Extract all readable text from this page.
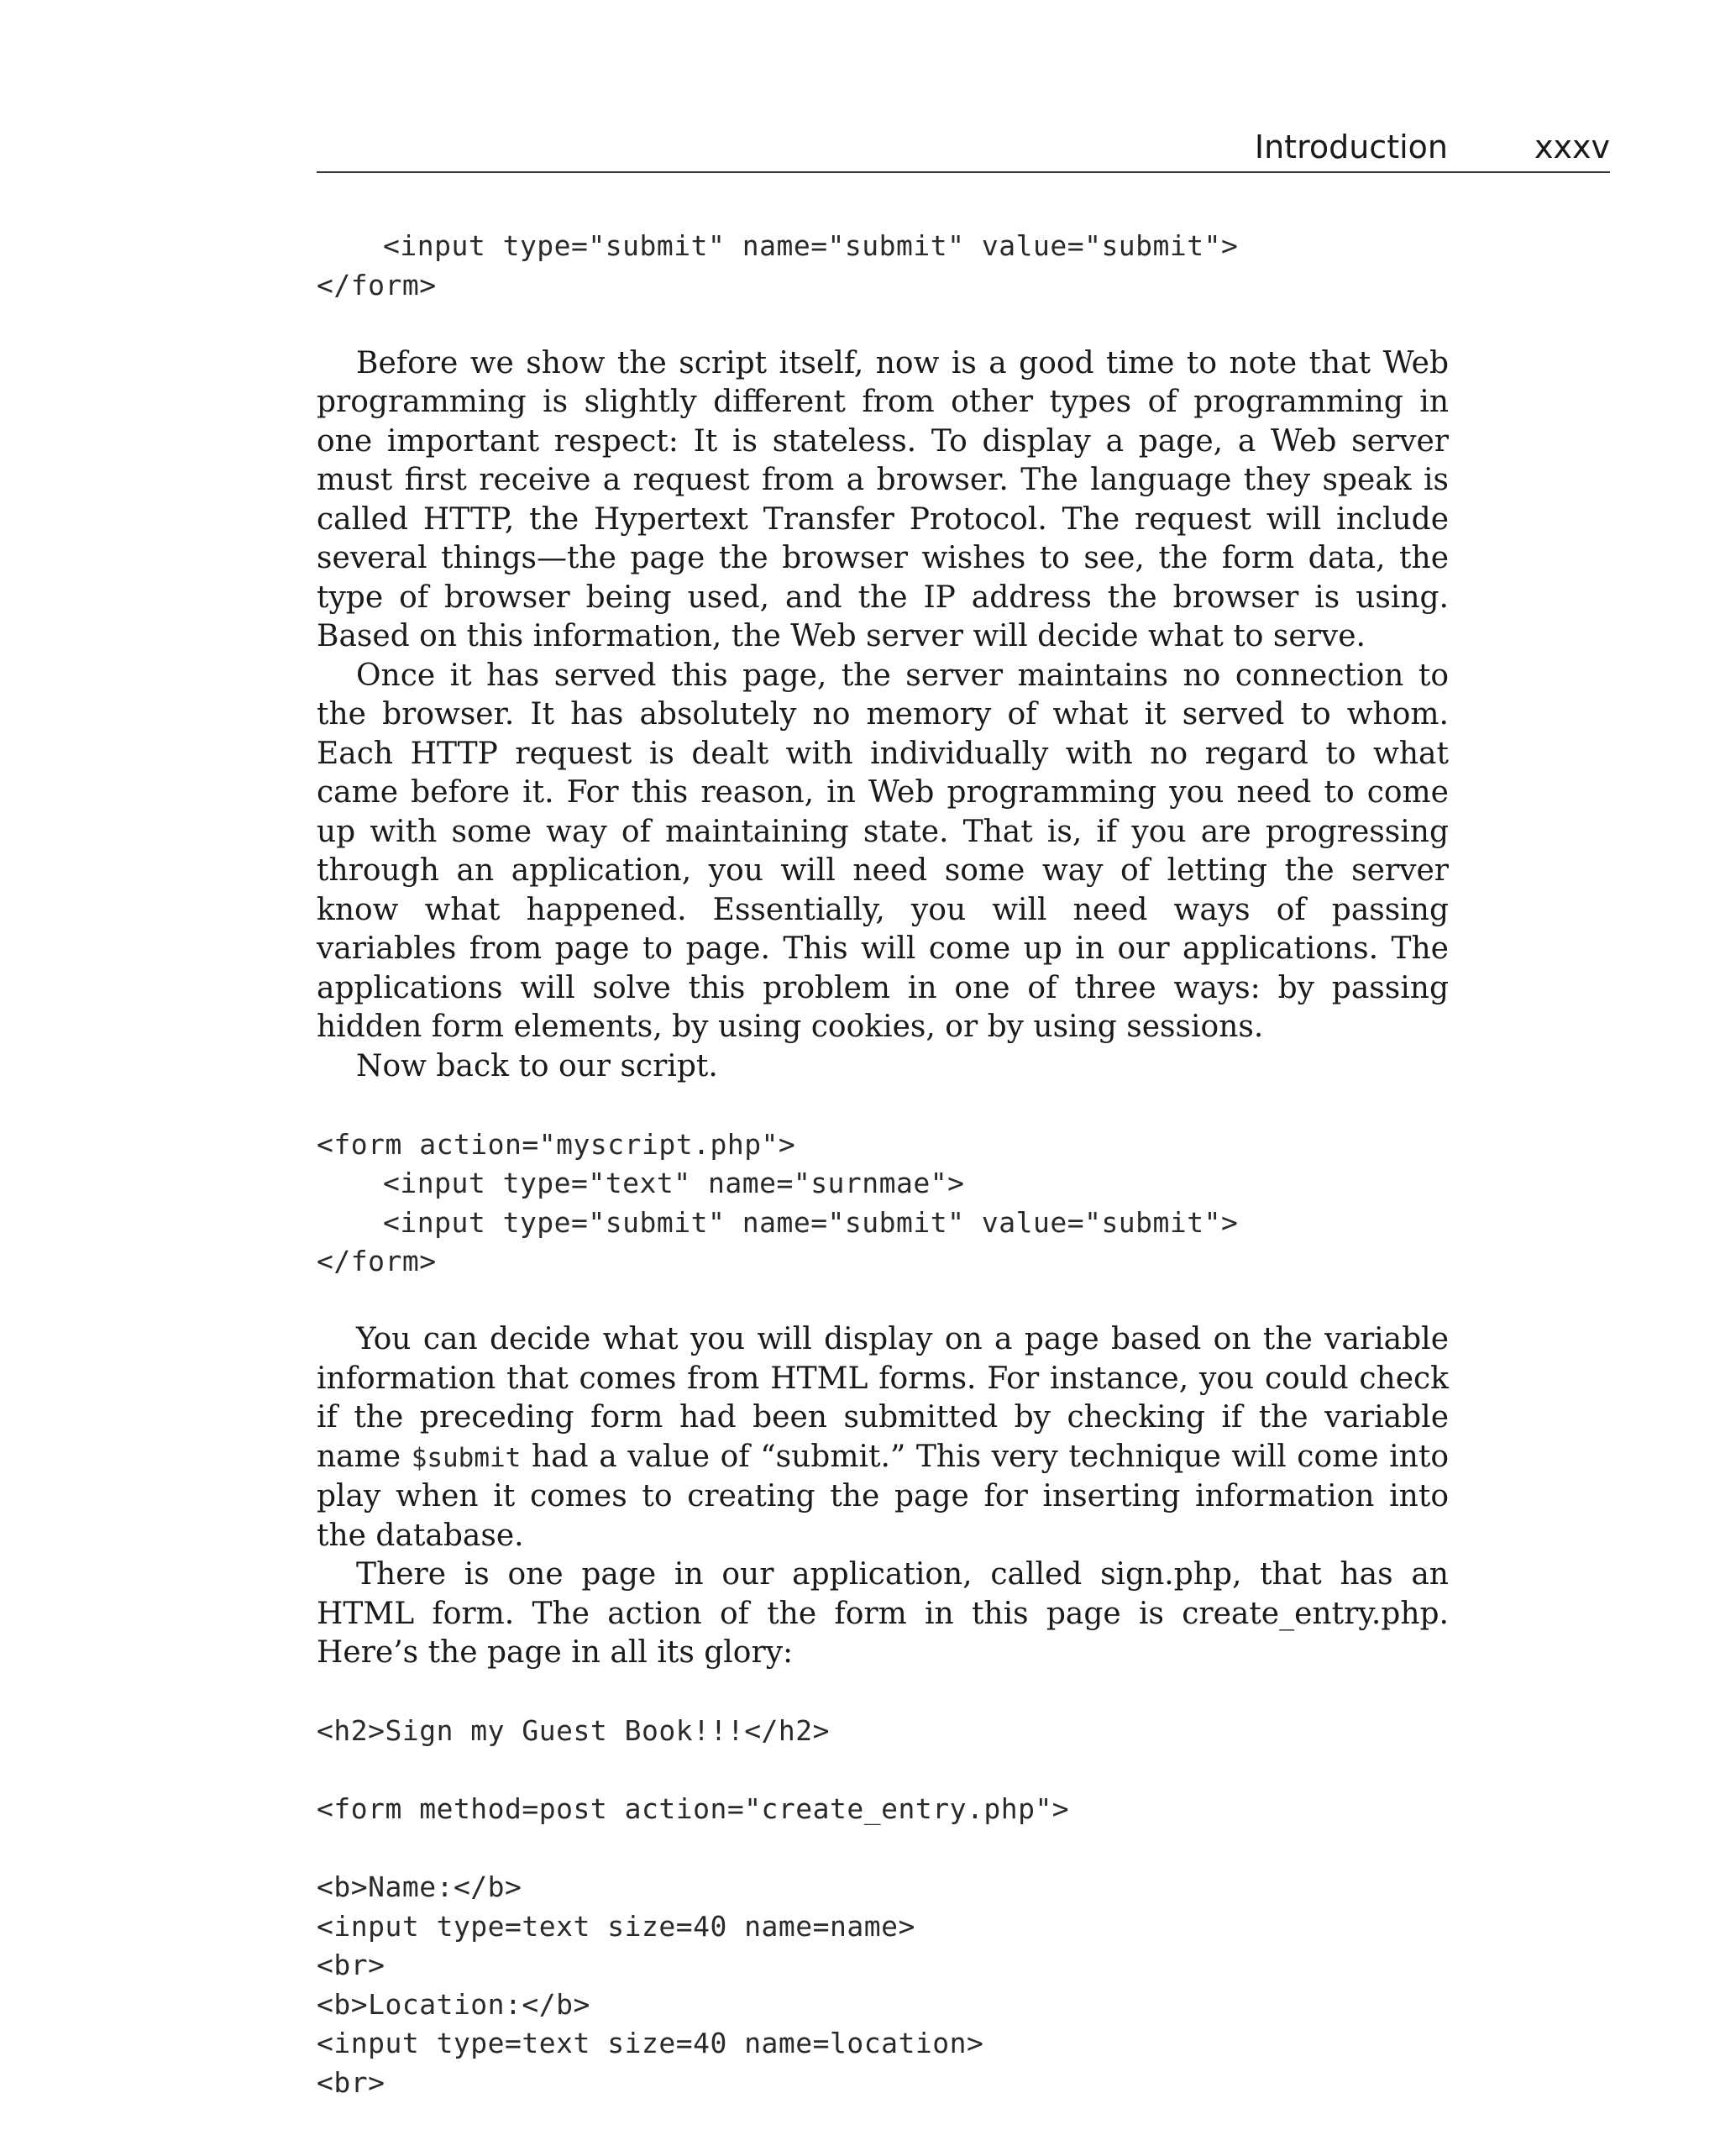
Introduction	xxxv
<input type="submit" name="submit" value="submit">
</form>

Before we show the script itself, now is a good time to note that Web programming is slightly different from other types of programming in one important respect: It is stateless. To display a page, a Web server must first receive a request from a browser. The language they speak is called HTTP, the Hypertext Transfer Protocol. The request will include several things—the page the browser wishes to see, the form data, the type of browser being used, and the IP address the browser is using. Based on this information, the Web server will decide what to serve.

Once it has served this page, the server maintains no connection to the browser. It has absolutely no memory of what it served to whom. Each HTTP request is dealt with individually with no regard to what came before it. For this reason, in Web programming you need to come up with some way of maintaining state. That is, if you are progressing through an application, you will need some way of letting the server know what happened. Essentially, you will need ways of passing variables from page to page. This will come up in our applications. The applications will solve this problem in one of three ways: by passing hidden form elements, by using cookies, or by using sessions.

Now back to our script.

<form action="myscript.php">
<input type="text" name="surnmae">
<input type="submit" name="submit" value="submit">
</form>

You can decide what you will display on a page based on the variable information that comes from HTML forms. For instance, you could check if the preceding form had been submitted by checking if the variable name $submit had a value of “submit.” This very technique will come into play when it comes to creating the page for inserting information into the database.

There is one page in our application, called sign.php, that has an HTML form. The action of the form in this page is create_entry.php. Here’s the page in all its glory:

<h2>Sign my Guest Book!!!</h2>
<form method=post action="create_entry.php">
<b>Name:</b>
<input type=text size=40 name=name>
<br>
<b>Location:</b>
<input type=text size=40 name=location>
<br>
